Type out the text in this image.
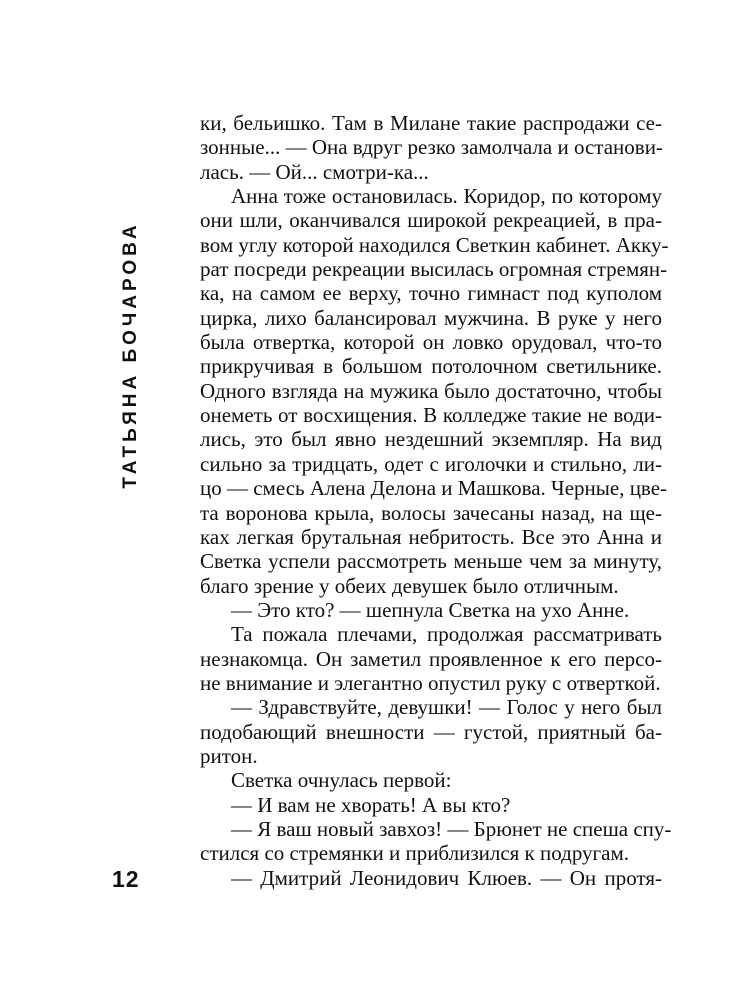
ТАТЬЯНА БОЧАРОВА
ки, бельишко. Там в Милане такие распродажи се-
зонные... — Она вдруг резко замолчала и останови-
лась. — Ой... смотри-ка...
Анна тоже остановилась. Коридор, по которому
они шли, оканчивался широкой рекреацией, в пра-
вом углу которой находился Светкин кабинет. Акку-
рат посреди рекреации высилась огромная стремян-
ка, на самом ее верху, точно гимнаст под куполом
цирка, лихо балансировал мужчина. В руке у него
была отвертка, которой он ловко орудовал, что-то
прикручивая в большом потолочном светильнике.
Одного взгляда на мужика было достаточно, чтобы
онеметь от восхищения. В колледже такие не води-
лись, это был явно нездешний экземпляр. На вид
сильно за тридцать, одет с иголочки и стильно, ли-
цо — смесь Алена Делона и Машкова. Черные, цве-
та воронова крыла, волосы зачесаны назад, на ще-
ках легкая брутальная небритость. Все это Анна и
Светка успели рассмотреть меньше чем за минуту,
благо зрение у обеих девушек было отличным.
— Это кто? — шепнула Светка на ухо Анне.
Та пожала плечами, продолжая рассматривать
незнакомца. Он заметил проявленное к его персо-
не внимание и элегантно опустил руку с отверткой.
— Здравствуйте, девушки! — Голос у него был
подобающий внешности — густой, приятный ба-
ритон.
Светка очнулась первой:
— И вам не хворать! А вы кто?
— Я ваш новый завхоз! — Брюнет не спеша спу-
стился со стремянки и приблизился к подругам.
— Дмитрий Леонидович Клюев. — Он протя-
12
